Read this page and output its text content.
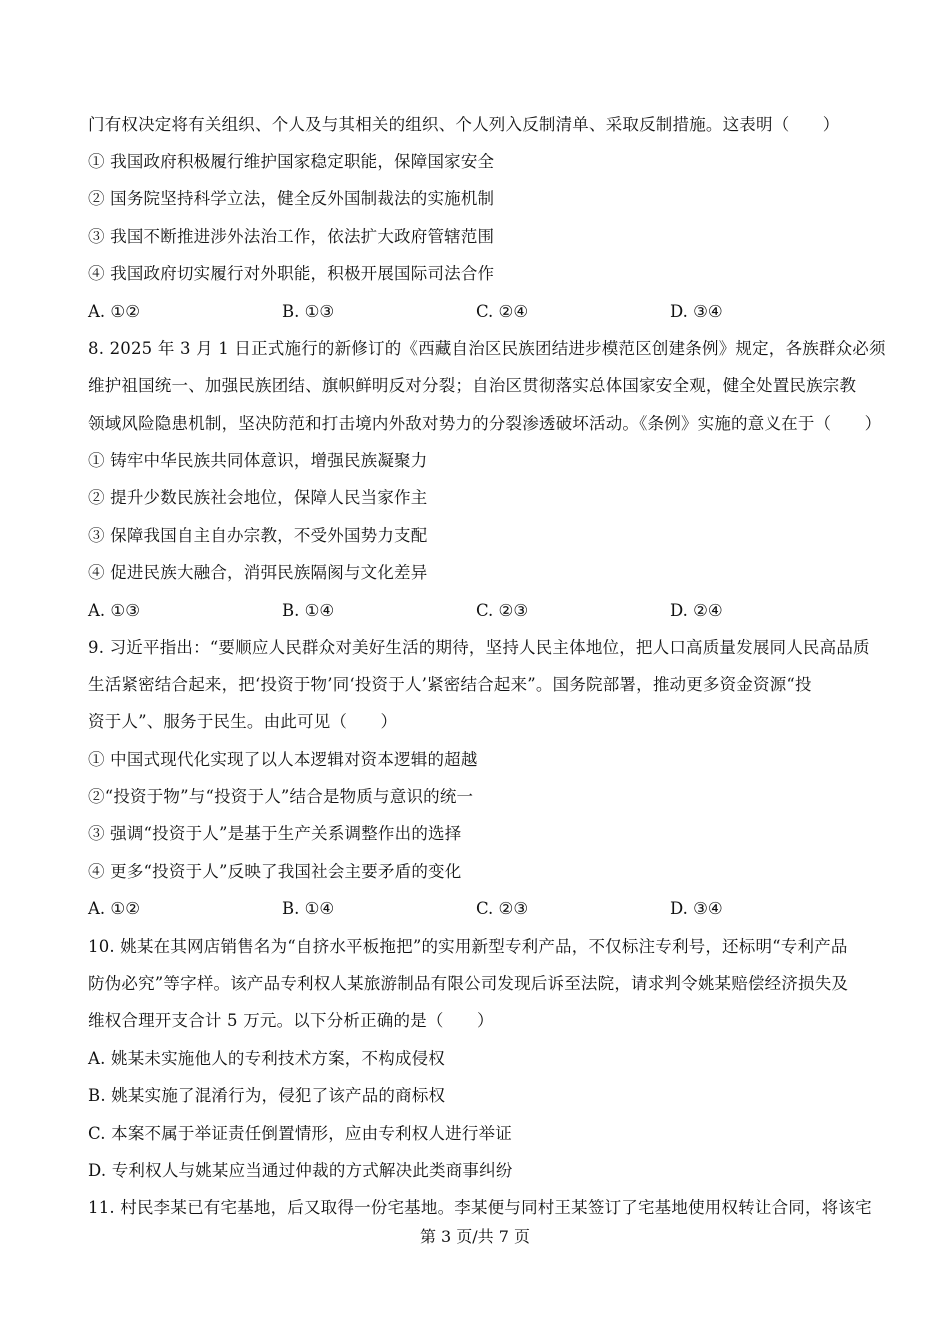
门有权决定将有关组织、个人及与其相关的组织、个人列入反制清单、采取反制措施。这表明（　　）
① 我国政府积极履行维护国家稳定职能，保障国家安全
② 国务院坚持科学立法，健全反外国制裁法的实施机制
③ 我国不断推进涉外法治工作，依法扩大政府管辖范围
④ 我国政府切实履行对外职能，积极开展国际司法合作
A. ①②	B. ①③	C. ②④	D. ③④
8. 2025 年 3 月 1 日正式施行的新修订的《西藏自治区民族团结进步模范区创建条例》规定，各族群众必须
维护祖国统一、加强民族团结、旗帜鲜明反对分裂；自治区贯彻落实总体国家安全观，健全处置民族宗教
领域风险隐患机制，坚决防范和打击境内外敌对势力的分裂渗透破坏活动。《条例》实施的意义在于（　　）
① 铸牢中华民族共同体意识，增强民族凝聚力
② 提升少数民族社会地位，保障人民当家作主
③ 保障我国自主自办宗教，不受外国势力支配
④ 促进民族大融合，消弭民族隔阂与文化差异
A. ①③	B. ①④	C. ②③	D. ②④
9. 习近平指出：“要顺应人民群众对美好生活的期待，坚持人民主体地位，把人口高质量发展同人民高品质
生活紧密结合起来，把‘投资于物’同‘投资于人’紧密结合起来”。国务院部署，推动更多资金资源“投
资于人”、服务于民生。由此可见（　　）
① 中国式现代化实现了以人本逻辑对资本逻辑的超越
②“投资于物”与“投资于人”结合是物质与意识的统一
③ 强调“投资于人”是基于生产关系调整作出的选择
④ 更多“投资于人”反映了我国社会主要矛盾的变化
A. ①②	B. ①④	C. ②③	D. ③④
10. 姚某在其网店销售名为“自挤水平板拖把”的实用新型专利产品，不仅标注专利号，还标明“专利产品
防伪必究”等字样。该产品专利权人某旅游制品有限公司发现后诉至法院，请求判令姚某赔偿经济损失及
维权合理开支合计 5 万元。以下分析正确的是（　　）
A. 姚某未实施他人的专利技术方案，不构成侵权
B. 姚某实施了混淆行为，侵犯了该产品的商标权
C. 本案不属于举证责任倒置情形，应由专利权人进行举证
D. 专利权人与姚某应当通过仲裁的方式解决此类商事纠纷
11. 村民李某已有宅基地，后又取得一份宅基地。李某便与同村王某签订了宅基地使用权转让合同，将该宅
第 3 页/共 7 页
